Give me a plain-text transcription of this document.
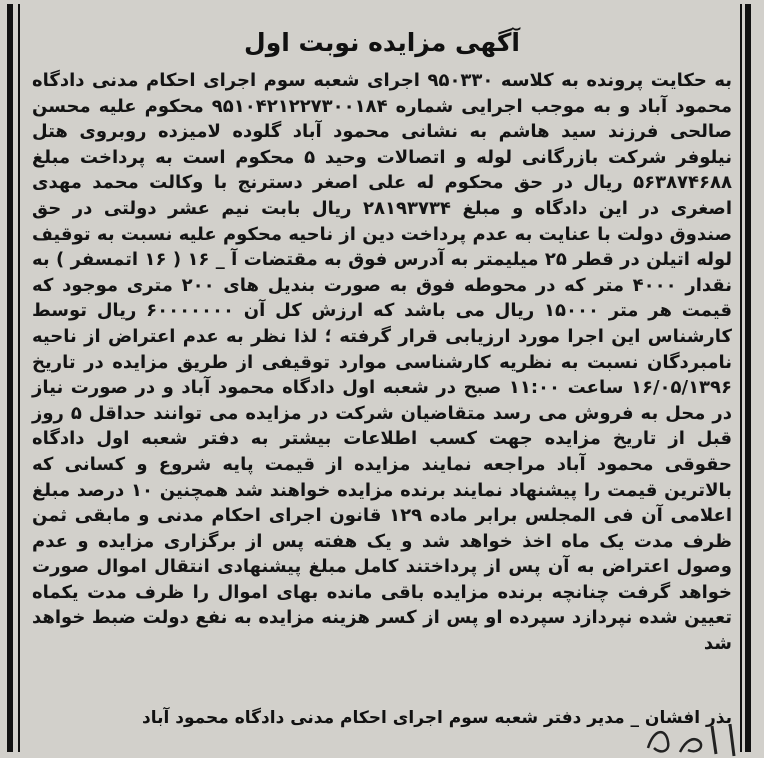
آگهی مزایده نوبت اول
به حکایت پرونده به کلاسه ۹۵۰۳۳۰ اجرای شعبه سوم اجرای احکام مدنی دادگاه محمود آباد و به موجب اجرایی شماره ۹۵۱۰۴۲۱۲۲۷۳۰۰۱۸۴ محکوم علیه محسن صالحی فرزند سید هاشم به نشانی محمود آباد گلوده لامیزده روبروی هتل نیلوفر شرکت بازرگانی لوله و اتصالات وحید ۵ محکوم است به پرداخت مبلغ ۵۶۳۸۷۴۶۸۸ ریال در حق محکوم له علی اصغر دسترنج با وکالت محمد مهدی اصغری در این دادگاه و مبلغ ۲۸۱۹۳۷۳۴ ریال بابت نیم عشر دولتی در حق صندوق دولت با عنایت به عدم پرداخت دین از ناحیه محکوم علیه نسبت به توقیف لوله اتیلن در قطر ۲۵ میلیمتر به آدرس فوق به مقتضات آ _ ۱۶ ( ۱۶ اتمسفر ) به نقدار ۴۰۰۰ متر که در محوطه فوق به صورت بندیل های ۲۰۰ متری موجود که قیمت هر متر ۱۵۰۰۰ ریال می باشد که ارزش کل آن ۶۰۰۰۰۰۰۰ ریال توسط کارشناس این اجرا مورد ارزیابی قرار گرفته ؛ لذا نظر به عدم اعتراض از ناحیه نامبردگان نسبت به نظریه کارشناسی موارد توقیفی از طریق مزایده در تاریخ ۱۶/۰۵/۱۳۹۶ ساعت ۱۱:۰۰ صبح در شعبه اول دادگاه محمود آباد و در صورت نیاز در محل به فروش می رسد متقاضیان شرکت در مزایده می توانند حداقل ۵ روز قبل از تاریخ مزایده جهت کسب اطلاعات بیشتر به دفتر شعبه اول دادگاه حقوقی محمود آباد مراجعه نمایند مزایده از قیمت پایه شروع و کسانی که بالاترین قیمت را پیشنهاد نمایند برنده مزایده خواهند شد همچنین ۱۰ درصد مبلغ اعلامی آن فی المجلس برابر ماده ۱۲۹ قانون اجرای احکام مدنی و مابقی ثمن ظرف مدت یک ماه اخذ خواهد شد و یک هفته پس از برگزاری مزایده و عدم وصول اعتراض به آن پس از پرداختند کامل مبلغ پیشنهادی انتقال اموال صورت خواهد گرفت چنانچه برنده مزایده باقی مانده بهای اموال را ظرف مدت یکماه تعیین شده نپردازد سپرده او پس از کسر هزینه مزایده به نفع دولت ضبط خواهد شد
بذر افشان _ مدیر دفتر شعبه سوم اجرای احکام مدنی دادگاه محمود آباد
